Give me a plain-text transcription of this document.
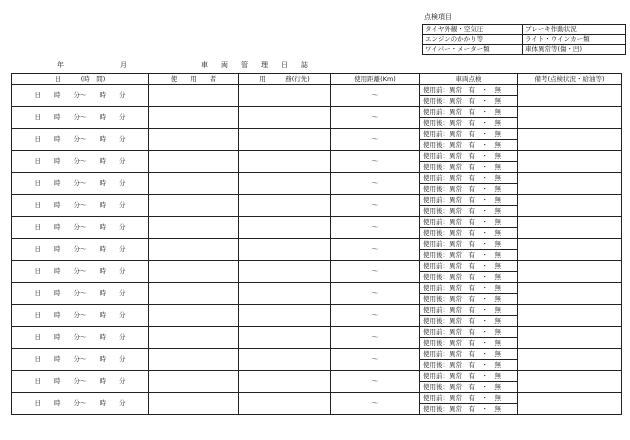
点検項目
タイヤ外観・空気圧	ブレーキ作動状況
エンジンのかかり等	ライト・ウインカー類
ワイパー・メーター類	車体異常等(傷・凹)
年	月	車　両　管　理　日　誌
日　　　(時　間)	使　　用　　者	用　　　務(行先)	使用距離(Km)	車両点検	備考(点検状況・給油等)
日　　時　　分～　　時　　分			～	使用前：異常　有　・　無	
				使用後：異常　有　・　無	
日　　時　　分～　　時　　分			～	使用前：異常　有　・　無	
				使用後：異常　有　・　無	
日　　時　　分～　　時　　分			～	使用前：異常　有　・　無	
				使用後：異常　有　・　無	
日　　時　　分～　　時　　分			～	使用前：異常　有　・　無	
				使用後：異常　有　・　無	
日　　時　　分～　　時　　分			～	使用前：異常　有　・　無	
				使用後：異常　有　・　無	
日　　時　　分～　　時　　分			～	使用前：異常　有　・　無	
				使用後：異常　有　・　無	
日　　時　　分～　　時　　分			～	使用前：異常　有　・　無	
				使用後：異常　有　・　無	
日　　時　　分～　　時　　分			～	使用前：異常　有　・　無	
				使用後：異常　有　・　無	
日　　時　　分～　　時　　分			～	使用前：異常　有　・　無	
				使用後：異常　有　・　無	
日　　時　　分～　　時　　分			～	使用前：異常　有　・　無	
				使用後：異常　有　・　無	
日　　時　　分～　　時　　分			～	使用前：異常　有　・　無	
				使用後：異常　有　・　無	
日　　時　　分～　　時　　分			～	使用前：異常　有　・　無	
				使用後：異常　有　・　無	
日　　時　　分～　　時　　分			～	使用前：異常　有　・　無	
				使用後：異常　有　・　無	
日　　時　　分～　　時　　分			～	使用前：異常　有　・　無	
				使用後：異常　有　・　無	
日　　時　　分～　　時　　分			～	使用前：異常　有　・　無	
				使用後：異常　有　・　無	
